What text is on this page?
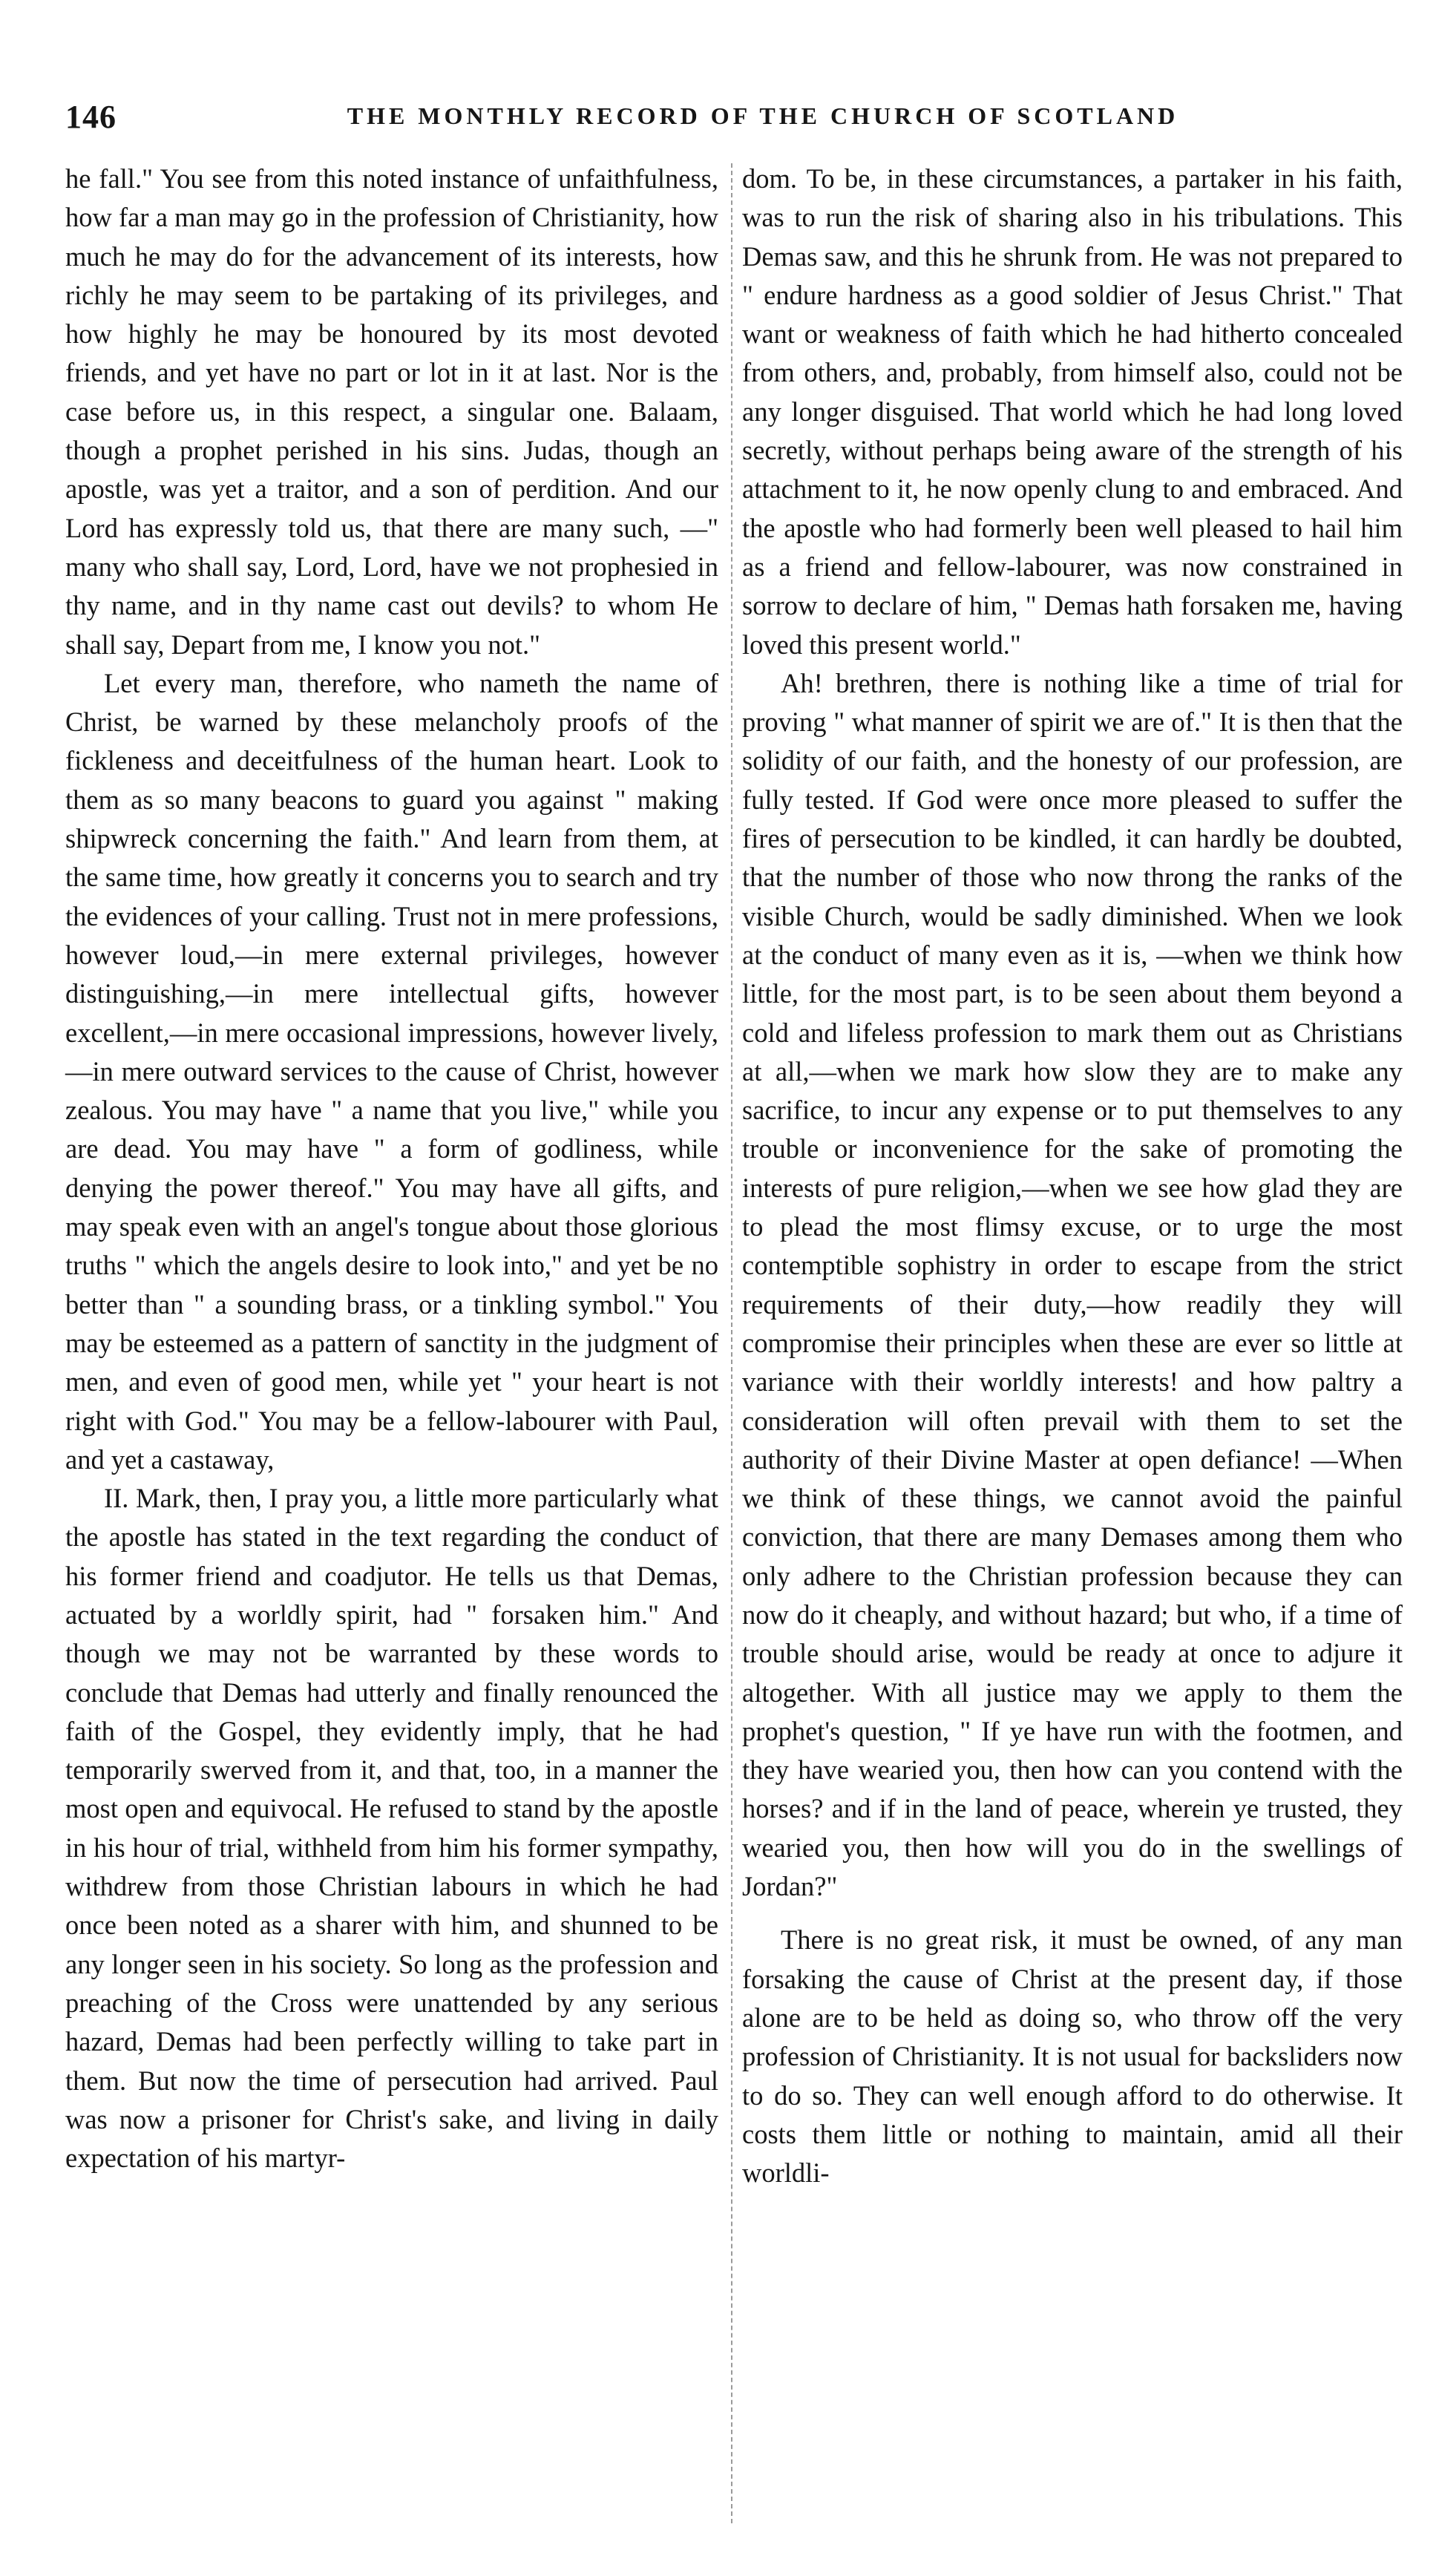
146	THE MONTHLY RECORD OF THE CHURCH OF SCOTLAND

he fall." You see from this noted instance of unfaithfulness, how far a man may go in the profession of Christianity, how much he may do for the advancement of its interests, how richly he may seem to be partaking of its privileges, and how highly he may be honoured by its most devoted friends, and yet have no part or lot in it at last. Nor is the case before us, in this respect, a singular one. Balaam, though a prophet perished in his sins. Judas, though an apostle, was yet a traitor, and a son of perdition. And our Lord has expressly told us, that there are many such, —" many who shall say, Lord, Lord, have we not prophesied in thy name, and in thy name cast out devils? to whom He shall say, Depart from me, I know you not."

Let every man, therefore, who nameth the name of Christ, be warned by these melancholy proofs of the fickleness and deceitfulness of the human heart. Look to them as so many beacons to guard you against " making shipwreck concerning the faith." And learn from them, at the same time, how greatly it concerns you to search and try the evidences of your calling. Trust not in mere professions, however loud,—in mere external privileges, however distinguishing,—in mere intellectual gifts, however excellent,—in mere occasional impressions, however lively,—in mere outward services to the cause of Christ, however zealous. You may have " a name that you live," while you are dead. You may have " a form of godliness, while denying the power thereof." You may have all gifts, and may speak even with an angel's tongue about those glorious truths " which the angels desire to look into," and yet be no better than " a sounding brass, or a tinkling symbol." You may be esteemed as a pattern of sanctity in the judgment of men, and even of good men, while yet " your heart is not right with God." You may be a fellow-labourer with Paul, and yet a castaway,

II. Mark, then, I pray you, a little more particularly what the apostle has stated in the text regarding the conduct of his former friend and coadjutor. He tells us that Demas, actuated by a worldly spirit, had " forsaken him." And though we may not be warranted by these words to conclude that Demas had utterly and finally renounced the faith of the Gospel, they evidently imply, that he had temporarily swerved from it, and that, too, in a manner the most open and equivocal. He refused to stand by the apostle in his hour of trial, withheld from him his former sympathy, withdrew from those Christian labours in which he had once been noted as a sharer with him, and shunned to be any longer seen in his society. So long as the profession and preaching of the Cross were unattended by any serious hazard, Demas had been perfectly willing to take part in them. But now the time of persecution had arrived. Paul was now a prisoner for Christ's sake, and living in daily expectation of his martyr-

dom. To be, in these circumstances, a partaker in his faith, was to run the risk of sharing also in his tribulations. This Demas saw, and this he shrunk from. He was not prepared to " endure hardness as a good soldier of Jesus Christ." That want or weakness of faith which he had hitherto concealed from others, and, probably, from himself also, could not be any longer disguised. That world which he had long loved secretly, without perhaps being aware of the strength of his attachment to it, he now openly clung to and embraced. And the apostle who had formerly been well pleased to hail him as a friend and fellow-labourer, was now constrained in sorrow to declare of him, " Demas hath forsaken me, having loved this present world."

Ah! brethren, there is nothing like a time of trial for proving " what manner of spirit we are of." It is then that the solidity of our faith, and the honesty of our profession, are fully tested. If God were once more pleased to suffer the fires of persecution to be kindled, it can hardly be doubted, that the number of those who now throng the ranks of the visible Church, would be sadly diminished. When we look at the conduct of many even as it is, —when we think how little, for the most part, is to be seen about them beyond a cold and lifeless profession to mark them out as Christians at all,—when we mark how slow they are to make any sacrifice, to incur any expense or to put themselves to any trouble or inconvenience for the sake of promoting the interests of pure religion,—when we see how glad they are to plead the most flimsy excuse, or to urge the most contemptible sophistry in order to escape from the strict requirements of their duty,—how readily they will compromise their principles when these are ever so little at variance with their worldly interests! and how paltry a consideration will often prevail with them to set the authority of their Divine Master at open defiance! —When we think of these things, we cannot avoid the painful conviction, that there are many Demases among them who only adhere to the Christian profession because they can now do it cheaply, and without hazard; but who, if a time of trouble should arise, would be ready at once to adjure it altogether. With all justice may we apply to them the prophet's question, " If ye have run with the footmen, and they have wearied you, then how can you contend with the horses? and if in the land of peace, wherein ye trusted, they wearied you, then how will you do in the swellings of Jordan?"

There is no great risk, it must be owned, of any man forsaking the cause of Christ at the present day, if those alone are to be held as doing so, who throw off the very profession of Christianity. It is not usual for backsliders now to do so. They can well enough afford to do otherwise. It costs them little or nothing to maintain, amid all their worldli-
